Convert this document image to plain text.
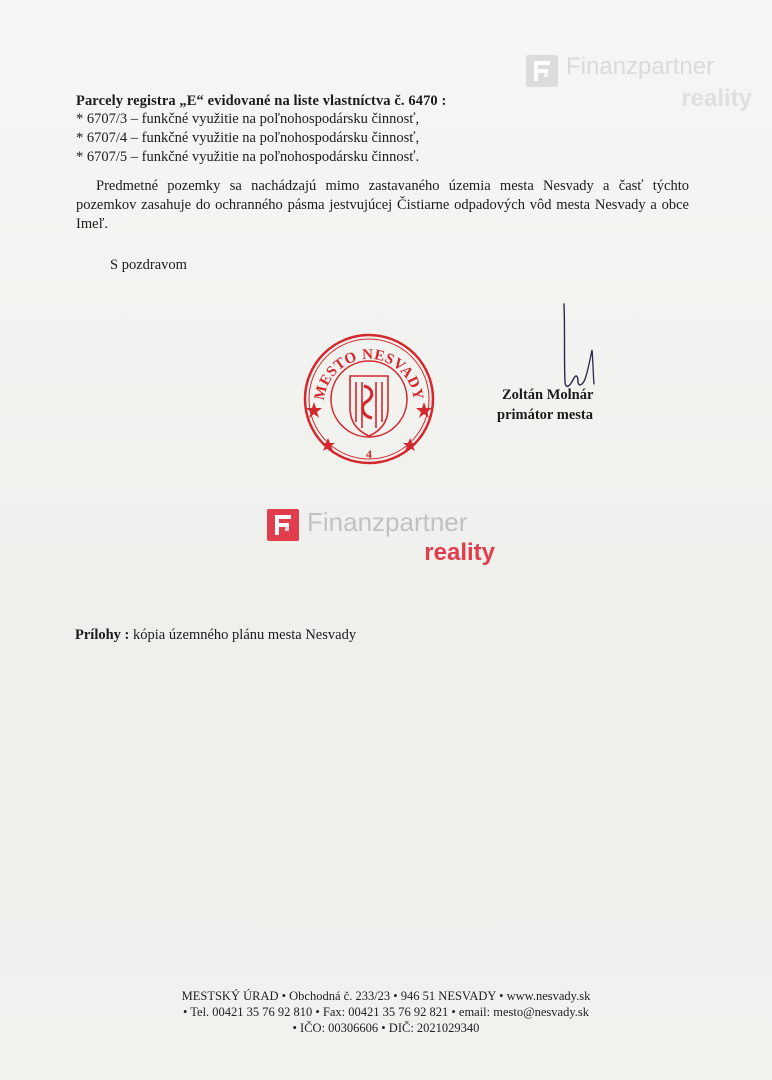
Finanzpartner
reality
Parcely registra „E“ evidované na liste vlastníctva č. 6470 :
* 6707/3 – funkčné využitie na poľnohospodársku činnosť,
* 6707/4 – funkčné využitie na poľnohospodársku činnosť,
* 6707/5 – funkčné využitie na poľnohospodársku činnosť.
Predmetné pozemky sa nachádzajú mimo zastavaného územia mesta Nesvady a časť týchto pozemkov zasahuje do ochranného pásma jestvujúcej Čistiarne odpadových vôd mesta Nesvady a obce Imeľ.
S pozdravom
MESTO NESVADY
4
Zoltán Molnár
primátor mesta
Finanzpartner
reality
Prílohy : kópia územného plánu mesta Nesvady
MESTSKÝ ÚRAD • Obchodná č. 233/23 • 946 51 NESVADY • www.nesvady.sk
• Tel. 00421 35 76 92 810 • Fax: 00421 35 76 92 821 • email: mesto@nesvady.sk
• IČO: 00306606 • DIČ: 2021029340
